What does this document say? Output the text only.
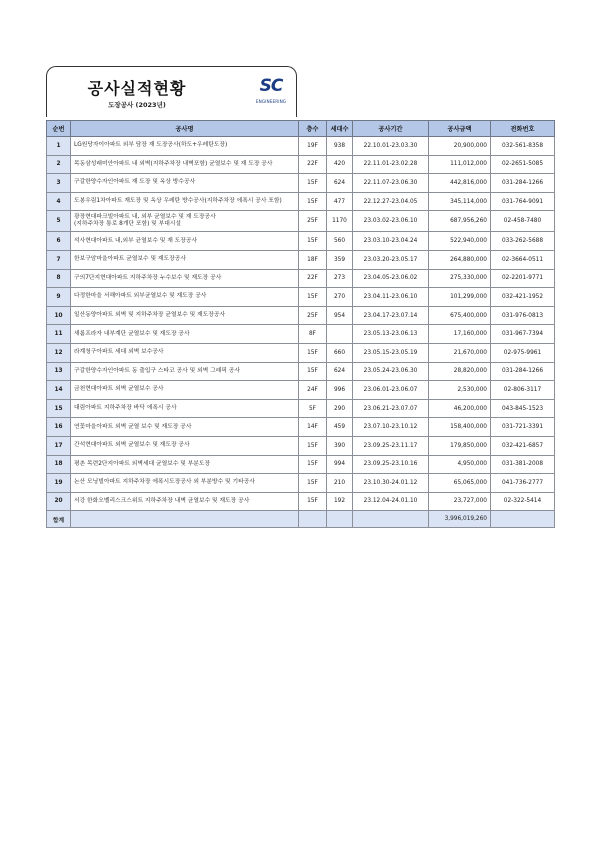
공사실적현황
도장공사 (2023년)
SC
ENGINEERING
순번	공사명	층수	세대수	공사기간	공사금액	전화번호
1	LG원당자이아파트 외부 담장 재 도장공사(하도+우레탄도장)	19F	938	22.10.01-23.03.30	20,900,000	032-561-8358
2	목동삼성래미안아파트 내 외벽(지하주차장 내벽포함) 균열보수 및 재 도장 공사	22F	420	22.11.01-23.02.28	111,012,000	02-2651-5085
3	구갈한양수자인아파트 재 도장 및 옥상 방수공사	15F	624	22.11.07-23.06.30	442,816,000	031-284-1266
4	도봉우림1차아파트 재도장 및 옥상 우레탄 방수공사(지하주차장 에폭시 공사 포함)	15F	477	22.12.27-23.04.05	345,114,000	031-764-9091
5	광장현대파크빌아파트 내, 외부 균열보수 및 재 도장공사
(지하주차장 통로 8개단 포함) 및 부대시설	25F	1170	23.03.02-23.06.10	687,956,260	02-458-7480
6	석사현대아파트 내,외부 균열보수 및 재 도장공사	15F	560	23.03.10-23.04.24	522,940,000	033-262-5688
7	한보구암마을아파트 균열보수 및 재도장공사	18F	359	23.03.20-23.05.17	264,880,000	02-3664-0511
8	구의7단지현대아파트 지하주차장 누수보수 및 재도장 공사	22F	273	23.04.05-23.06.02	275,330,000	02-2201-9771
9	다정한마을 서해아파트 외부균열보수 및 재도장 공사	15F	270	23.04.11-23.06.10	101,299,000	032-421-1952
10	일산동양아파트 외벽 및 지하주차장 균열보수 및 재도장공사	25F	954	23.04.17-23.07.14	675,400,000	031-976-0813
11	새롬프라자 내부계단 균열보수 및 재도장 공사	8F		23.05.13-23.06.13	17,160,000	031-967-7394
12	라계청구아파트 세대 외벽 보수공사	15F	660	23.05.15-23.05.19	21,670,000	02-975-9961
13	구갈한양수자인아파트 동 출입구 스타코 공사 및 외벽 그래픽 공사	15F	624	23.05.24-23.06.30	28,820,000	031-284-1266
14	금천현대아파트 외벽 균열보수 공사	24F	996	23.06.01-23.06.07	2,530,000	02-806-3117
15	대림아파트 지하주차장 바닥 에폭시 공사	5F	290	23.06.21-23.07.07	46,200,000	043-845-1523
16	연꽃마을아파트 외벽 균열 보수 및 재도장 공사	14F	459	23.07.10-23.10.12	158,400,000	031-721-3391
17	간석현대아파트 외벽 균열보수 및 재도장 공사	15F	390	23.09.25-23.11.17	179,850,000	032-421-6857
18	평촌 목련2단지아파트 외벽세대 균열보수 및 부분도장	15F	994	23.09.25-23.10.16	4,950,000	031-381-2008
19	논산 모닝빌아파트 지하주차장 에폭시도장공사 외 부분방수 및 기타공사	15F	210	23.10.30-24.01.12	65,065,000	041-736-2777
20	서강 한화오벨리스크스위트 지하주차장 내벽 균열보수 및 재도장 공사	15F	192	23.12.04-24.01.10	23,727,000	02-322-5414
합계					3,996,019,260	
